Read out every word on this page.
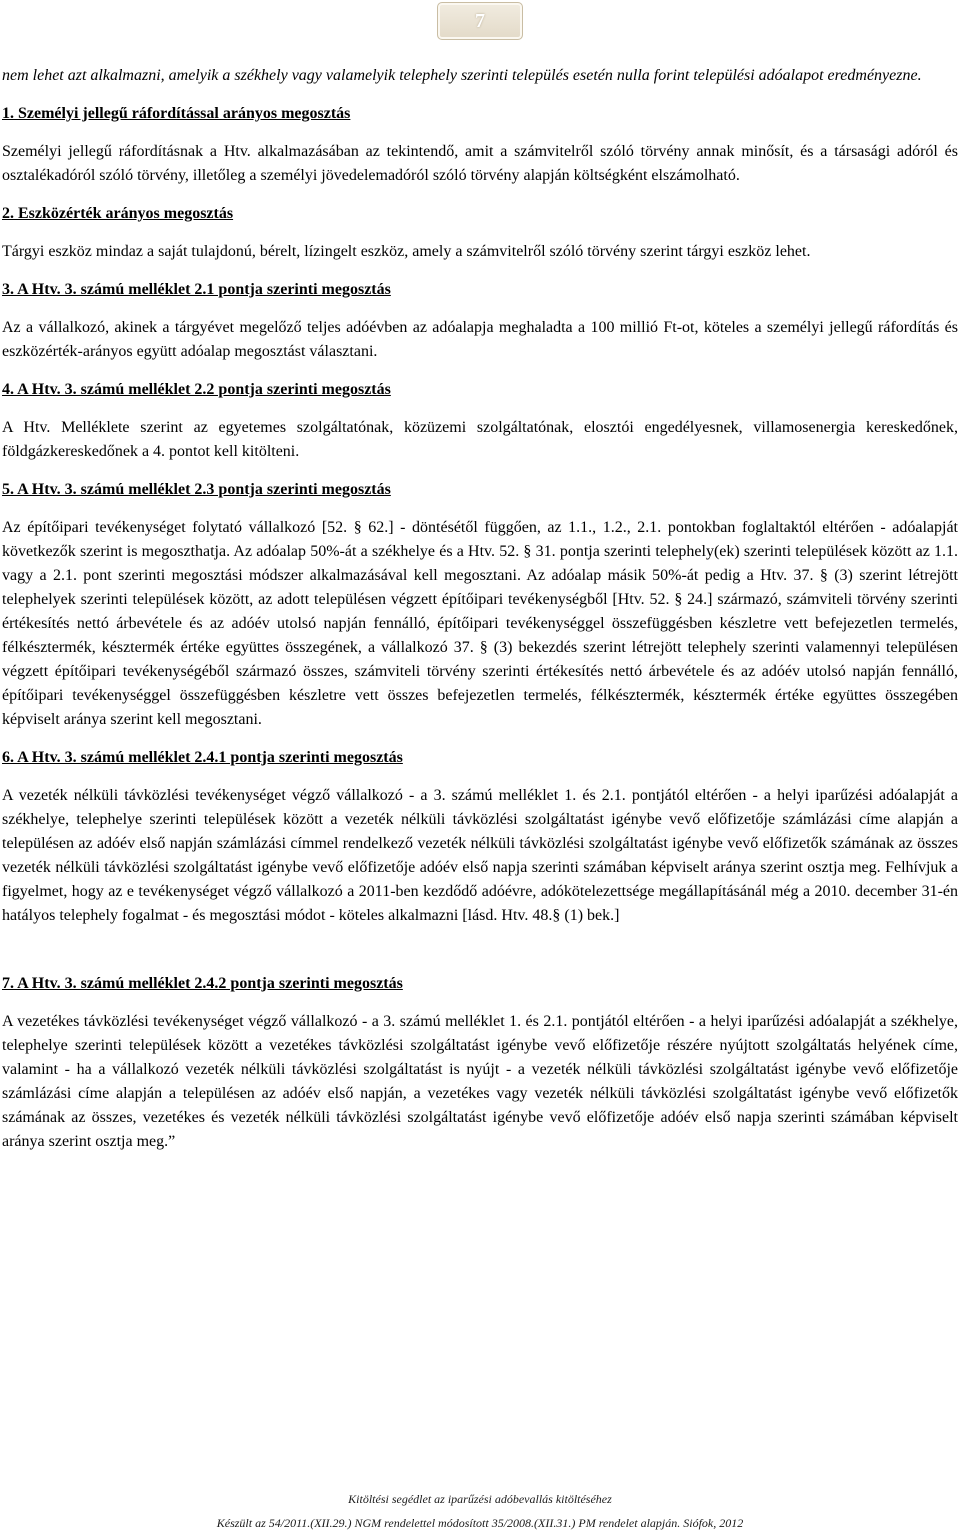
7

nem lehet azt alkalmazni, amelyik a székhely vagy valamelyik telephely szerinti település esetén nulla forint települési adóalapot eredményezne.

1. Személyi jellegű ráfordítással arányos megosztás

Személyi jellegű ráfordításnak a Htv. alkalmazásában az tekintendő, amit a számvitelről szóló törvény annak minősít, és a társasági adóról és osztalékadóról szóló törvény, illetőleg a személyi jövedelemadóról szóló törvény alapján költségként elszámolható.

2. Eszközérték arányos megosztás

Tárgyi eszköz mindaz a saját tulajdonú, bérelt, lízingelt eszköz, amely a számvitelről szóló törvény szerint tárgyi eszköz lehet.

3. A Htv. 3. számú melléklet 2.1 pontja szerinti megosztás

Az a vállalkozó, akinek a tárgyévet megelőző teljes adóévben az adóalapja meghaladta a 100 millió Ft-ot, köteles a személyi jellegű ráfordítás és eszközérték-arányos együtt adóalap megosztást választani.

4. A Htv. 3. számú melléklet 2.2 pontja szerinti megosztás

A Htv. Melléklete szerint az egyetemes szolgáltatónak, közüzemi szolgáltatónak, elosztói engedélyesnek, villamosenergia kereskedőnek, földgázkereskedőnek a 4. pontot kell kitölteni.

5. A Htv. 3. számú melléklet 2.3 pontja szerinti megosztás

Az építőipari tevékenységet folytató vállalkozó [52. § 62.] - döntésétől függően, az 1.1., 1.2., 2.1. pontokban foglaltaktól eltérően - adóalapját következők szerint is megoszthatja. Az adóalap 50%-át a székhelye és a Htv. 52. § 31. pontja szerinti telephely(ek) szerinti települések között az 1.1. vagy a 2.1. pont szerinti megosztási módszer alkalmazásával kell megosztani. Az adóalap másik 50%-át pedig a Htv. 37. § (3) szerint létrejött telephelyek szerinti települések között, az adott településen végzett építőipari tevékenységből [Htv. 52. § 24.] származó, számviteli törvény szerinti értékesítés nettó árbevétele és az adóév utolsó napján fennálló, építőipari tevékenységgel összefüggésben készletre vett befejezetlen termelés, félkésztermék, késztermék értéke együttes összegének, a vállalkozó 37. § (3) bekezdés szerint létrejött telephely szerinti valamennyi településen végzett építőipari tevékenységéből származó összes, számviteli törvény szerinti értékesítés nettó árbevétele és az adóév utolsó napján fennálló, építőipari tevékenységgel összefüggésben készletre vett összes befejezetlen termelés, félkésztermék, késztermék értéke együttes összegében képviselt aránya szerint kell megosztani.

6. A Htv. 3. számú melléklet 2.4.1 pontja szerinti megosztás

A vezeték nélküli távközlési tevékenységet végző vállalkozó - a 3. számú melléklet 1. és 2.1. pontjától eltérően - a helyi iparűzési adóalapját a székhelye, telephelye szerinti települések között a vezeték nélküli távközlési szolgáltatást igénybe vevő előfizetője számlázási címe alapján a településen az adóév első napján számlázási címmel rendelkező vezeték nélküli távközlési szolgáltatást igénybe vevő előfizetők számának az összes vezeték nélküli távközlési szolgáltatást igénybe vevő előfizetője adóév első napja szerinti számában képviselt aránya szerint osztja meg. Felhívjuk a figyelmet, hogy az e tevékenységet végző vállalkozó a 2011-ben kezdődő adóévre, adókötelezettsége megállapításánál még a 2010. december 31-én hatályos telephely fogalmat - és megosztási módot - köteles alkalmazni [lásd. Htv. 48.§ (1) bek.]

7. A Htv. 3. számú melléklet 2.4.2 pontja szerinti megosztás

A vezetékes távközlési tevékenységet végző vállalkozó - a 3. számú melléklet 1. és 2.1. pontjától eltérően - a helyi iparűzési adóalapját a székhelye, telephelye szerinti települések között a vezetékes távközlési szolgáltatást igénybe vevő előfizetője részére nyújtott szolgáltatás helyének címe, valamint - ha a vállalkozó vezeték nélküli távközlési szolgáltatást is nyújt - a vezeték nélküli távközlési szolgáltatást igénybe vevő előfizetője számlázási címe alapján a településen az adóév első napján, a vezetékes vagy vezeték nélküli távközlési szolgáltatást igénybe vevő előfizetők számának az összes, vezetékes és vezeték nélküli távközlési szolgáltatást igénybe vevő előfizetője adóév első napja szerinti számában képviselt aránya szerint osztja meg.”

Kitöltési segédlet az iparűzési adóbevallás kitöltéséhez
Készült az 54/2011.(XII.29.) NGM rendelettel módosított 35/2008.(XII.31.) PM rendelet alapján. Siófok, 2012
